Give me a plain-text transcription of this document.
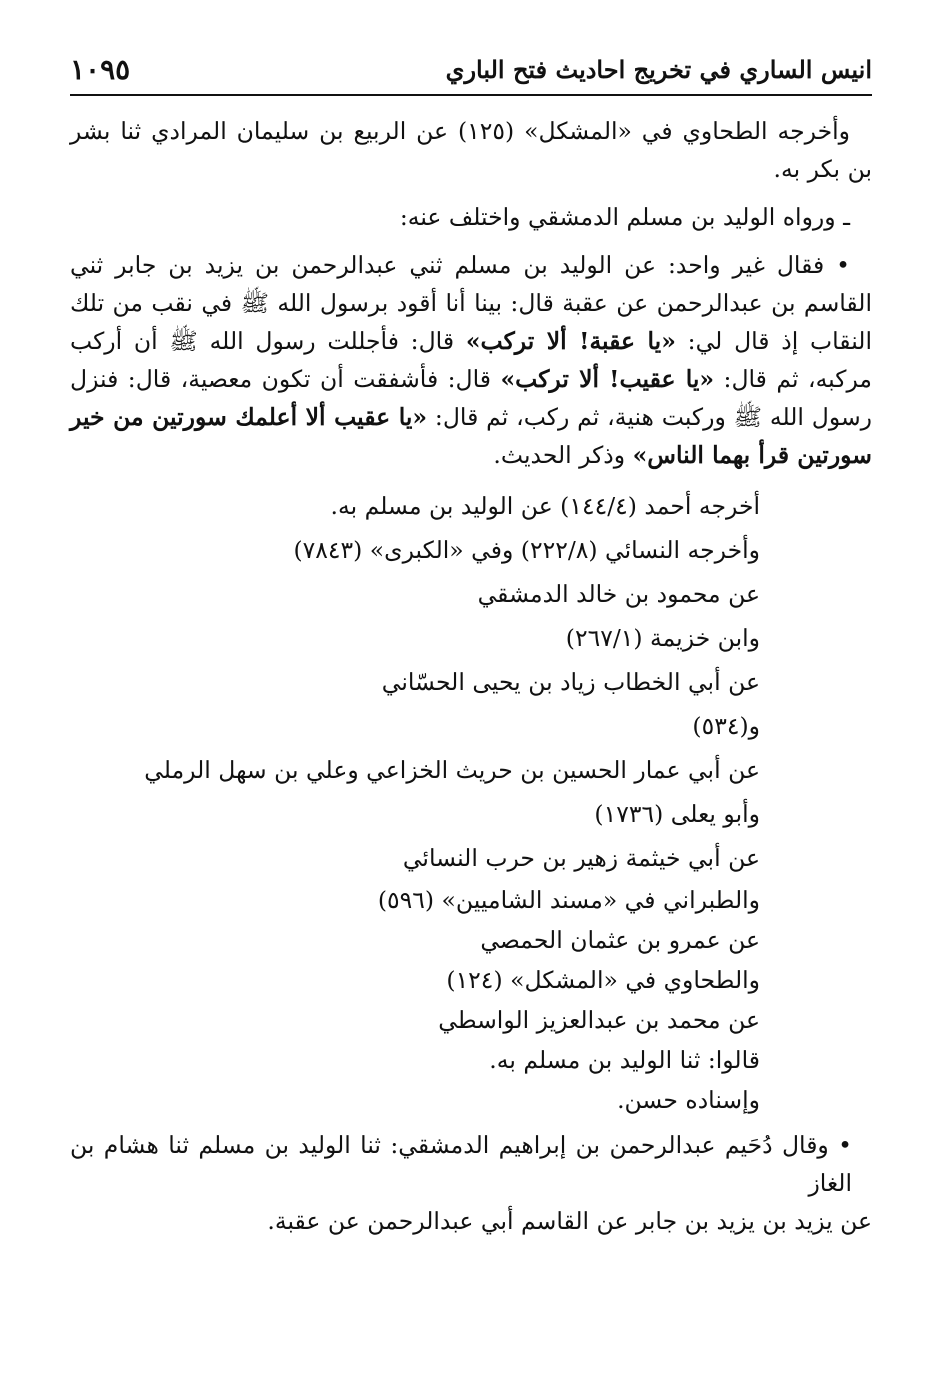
انيس الساري في تخريج احاديث فتح الباري
١٠٩٥

وأخرجه الطحاوي في «المشكل» (١٢٥) عن الربيع بن سليمان المرادي ثنا بشر بن بكر به.

ـ ورواه الوليد بن مسلم الدمشقي واختلف عنه:

• فقال غير واحد: عن الوليد بن مسلم ثني عبدالرحمن بن يزيد بن جابر ثني القاسم بن عبدالرحمن عن عقبة قال: بينا أنا أقود برسول الله ﷺ في نقب من تلك النقاب إذ قال لي: «يا عقبة! ألا تركب» قال: فأجللت رسول الله ﷺ أن أركب مركبه، ثم قال: «يا عقيب! ألا تركب» قال: فأشفقت أن تكون معصية، قال: فنزل رسول الله ﷺ وركبت هنية، ثم ركب، ثم قال: «يا عقيب ألا أعلمك سورتين من خير سورتين قرأ بهما الناس» وذكر الحديث.

أخرجه أحمد (١٤٤/٤) عن الوليد بن مسلم به.

وأخرجه النسائي (٢٢٢/٨) وفي «الكبرى» (٧٨٤٣)

عن محمود بن خالد الدمشقي

وابن خزيمة (٢٦٧/١)

عن أبي الخطاب زياد بن يحيى الحسّاني

و(٥٣٤)

عن أبي عمار الحسين بن حريث الخزاعي وعلي بن سهل الرملي

وأبو يعلى (١٧٣٦)

عن أبي خيثمة زهير بن حرب النسائي

والطبراني في «مسند الشاميين» (٥٩٦)

عن عمرو بن عثمان الحمصي

والطحاوي في «المشكل» (١٢٤)

عن محمد بن عبدالعزيز الواسطي

قالوا: ثنا الوليد بن مسلم به.

وإسناده حسن.

• وقال دُحَيم عبدالرحمن بن إبراهيم الدمشقي: ثنا الوليد بن مسلم ثنا هشام بن الغاز
عن يزيد بن يزيد بن جابر عن القاسم أبي عبدالرحمن عن عقبة.
